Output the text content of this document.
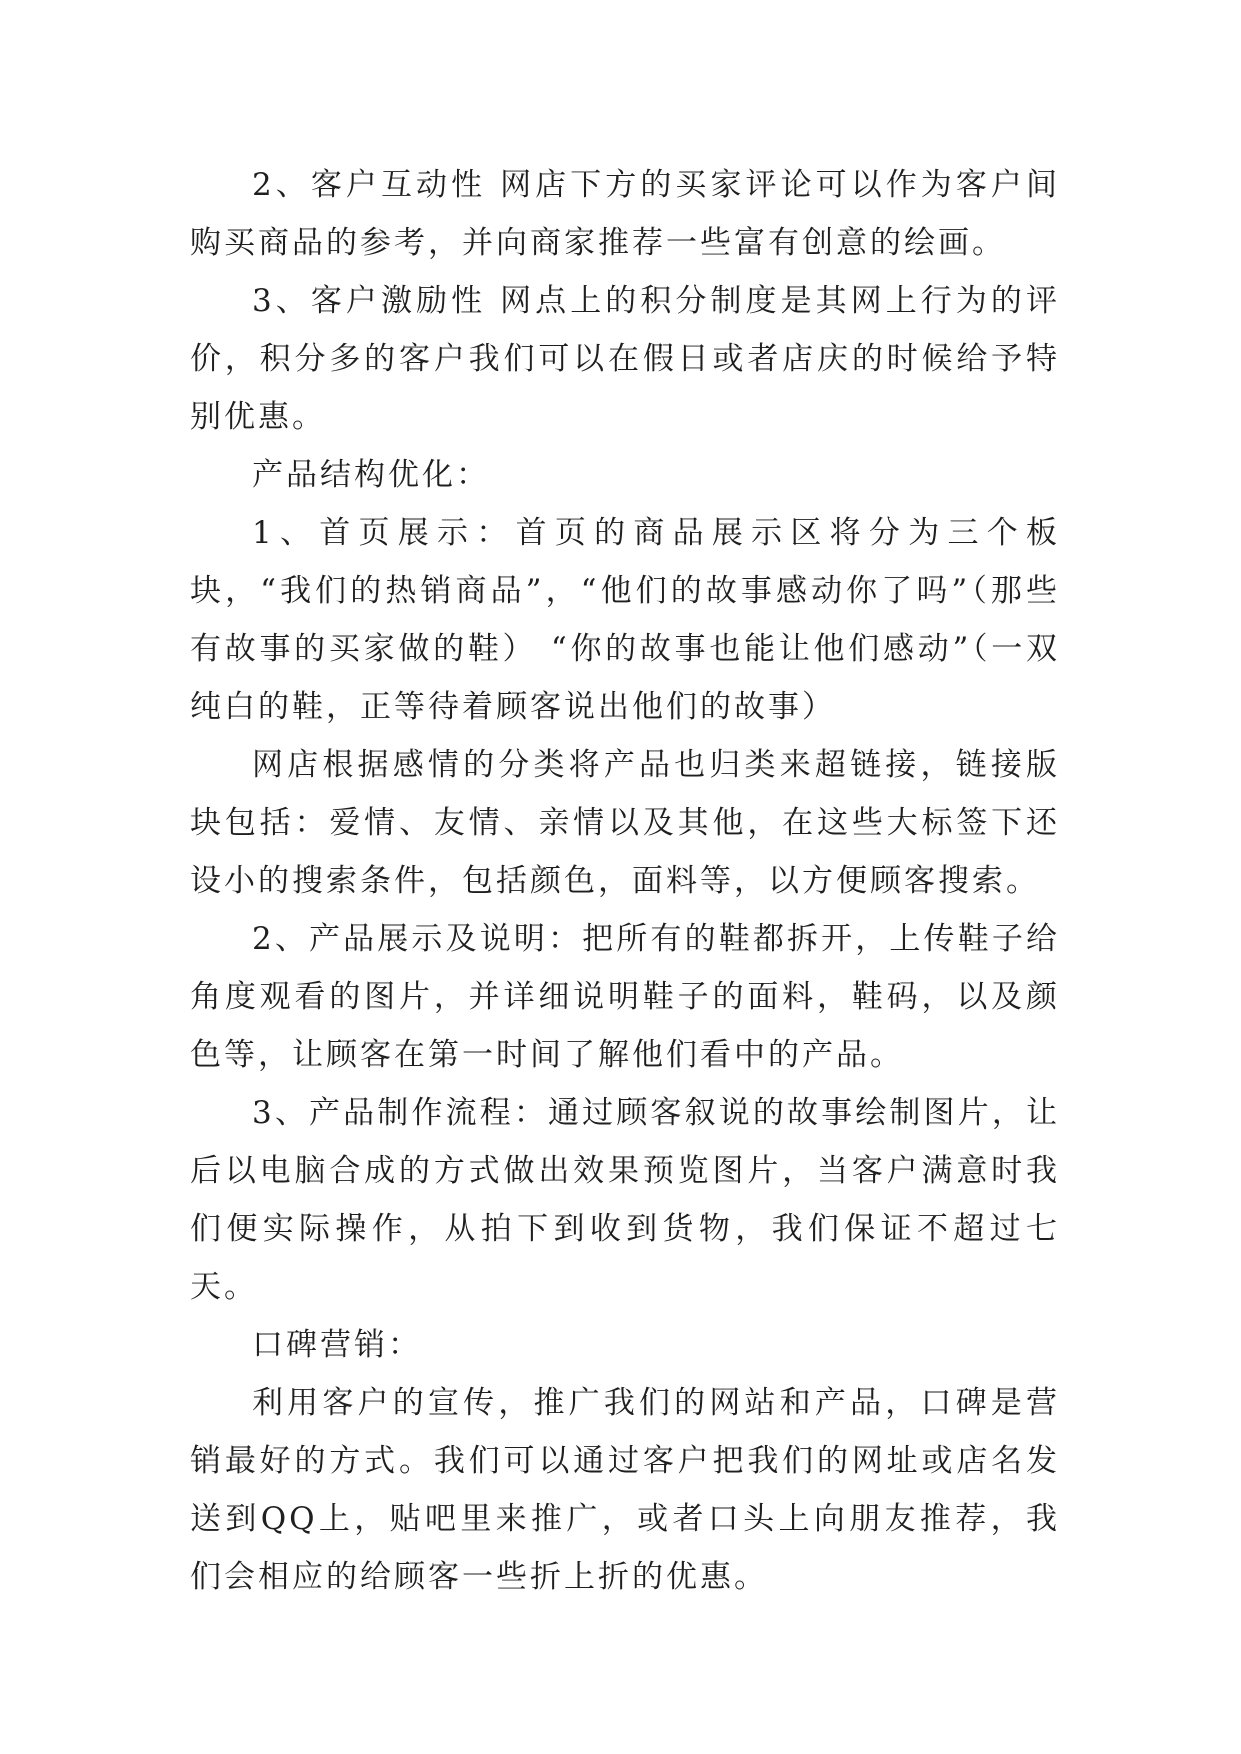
2、客户互动性 网店下方的买家评论可以作为客户间购买商品的参考，并向商家推荐一些富有创意的绘画。

3、客户激励性 网点上的积分制度是其网上行为的评价，积分多的客户我们可以在假日或者店庆的时候给予特别优惠。

产品结构优化：

1、首页展示：首页的商品展示区将分为三个板块，“我们的热销商品”，“他们的故事感动你了吗”（那些有故事的买家做的鞋） “你的故事也能让他们感动”（一双纯白的鞋，正等待着顾客说出他们的故事）

网店根据感情的分类将产品也归类来超链接，链接版块包括：爱情、友情、亲情以及其他，在这些大标签下还设小的搜索条件，包括颜色，面料等，以方便顾客搜索。

2、产品展示及说明：把所有的鞋都拆开，上传鞋子给角度观看的图片，并详细说明鞋子的面料，鞋码，以及颜色等，让顾客在第一时间了解他们看中的产品。

3、产品制作流程：通过顾客叙说的故事绘制图片，让后以电脑合成的方式做出效果预览图片，当客户满意时我们便实际操作，从拍下到收到货物，我们保证不超过七天。

口碑营销：

利用客户的宣传，推广我们的网站和产品，口碑是营销最好的方式。我们可以通过客户把我们的网址或店名发送到QQ上，贴吧里来推广，或者口头上向朋友推荐，我们会相应的给顾客一些折上折的优惠。
